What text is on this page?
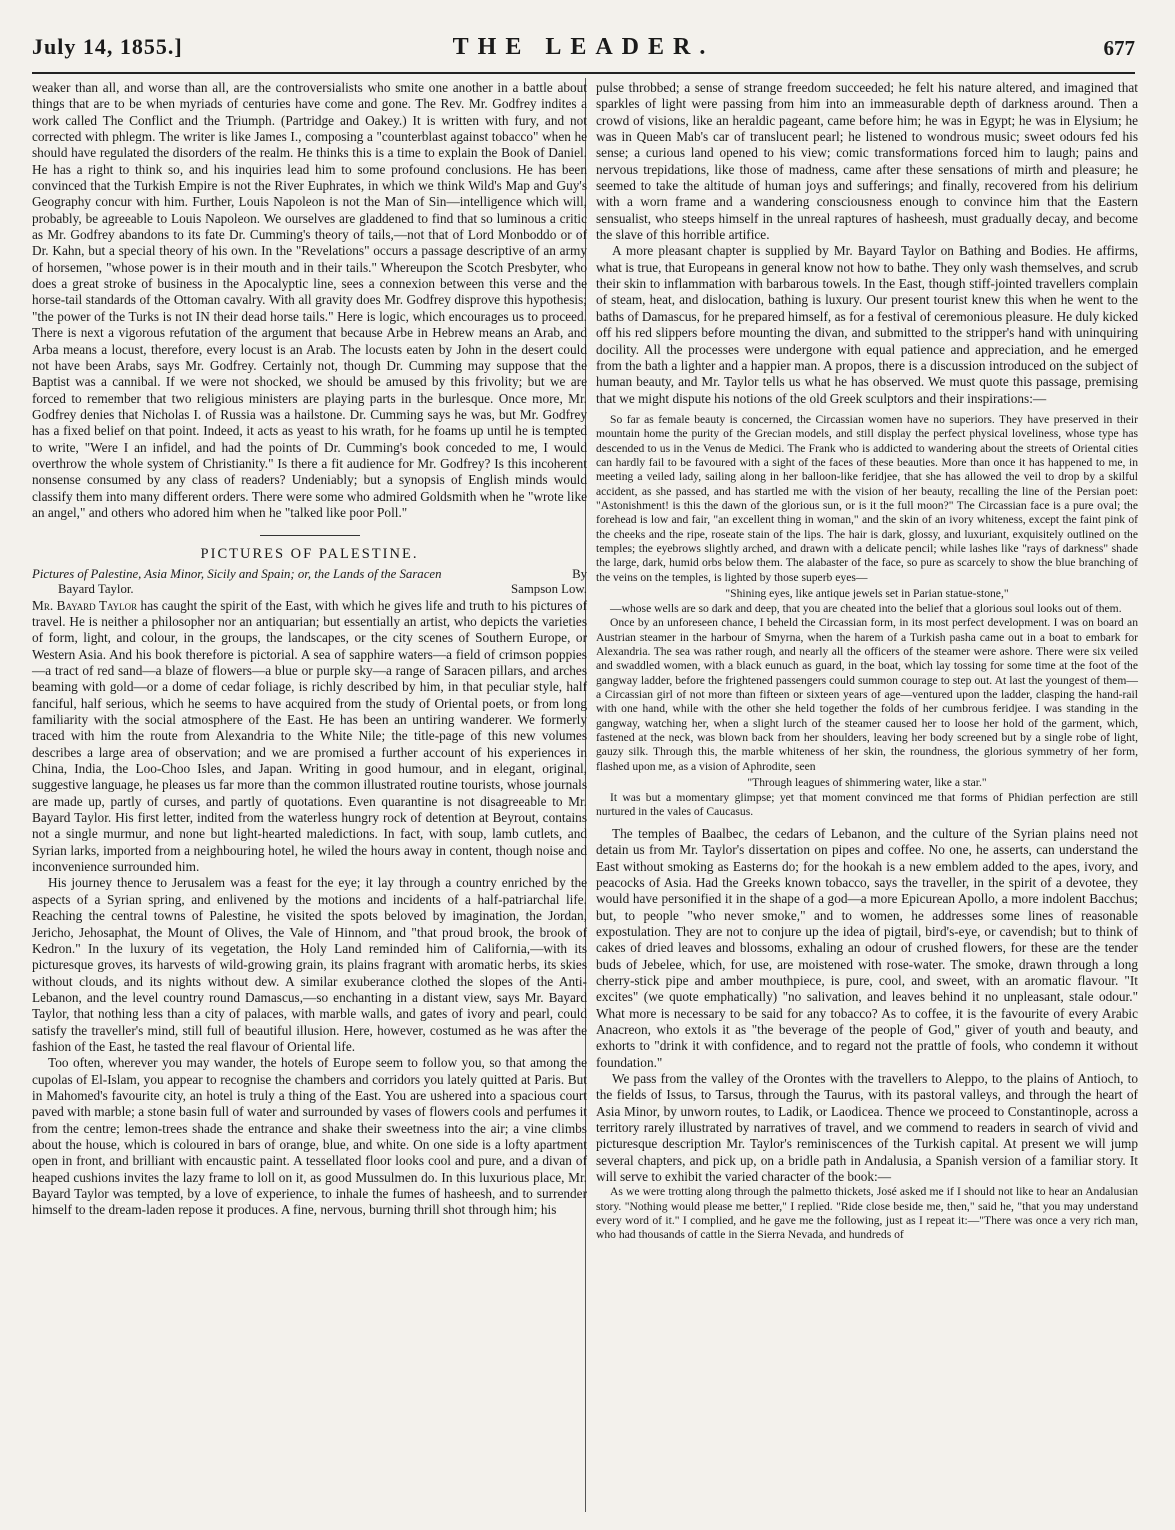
July 14, 1855.]	THE LEADER.	677

weaker than all, and worse than all, are the controversialists who smite one another in a battle about things that are to be when myriads of centuries have come and gone. The Rev. Mr. Godfrey indites a work called The Conflict and the Triumph. (Partridge and Oakey.) It is written with fury, and not corrected with phlegm. The writer is like James I., composing a "counterblast against tobacco" when he should have regulated the disorders of the realm. He thinks this is a time to explain the Book of Daniel. He has a right to think so, and his inquiries lead him to some profound conclusions. He has been convinced that the Turkish Empire is not the River Euphrates, in which we think Wild's Map and Guy's Geography concur with him. Further, Louis Napoleon is not the Man of Sin—intelligence which will, probably, be agreeable to Louis Napoleon. We ourselves are gladdened to find that so luminous a critic as Mr. Godfrey abandons to its fate Dr. Cumming's theory of tails,—not that of Lord Monboddo or of Dr. Kahn, but a special theory of his own. In the "Revelations" occurs a passage descriptive of an army of horsemen, "whose power is in their mouth and in their tails." Whereupon the Scotch Presbyter, who does a great stroke of business in the Apocalyptic line, sees a connexion between this verse and the horse-tail standards of the Ottoman cavalry. With all gravity does Mr. Godfrey disprove this hypothesis; "the power of the Turks is not IN their dead horse tails." Here is logic, which encourages us to proceed. There is next a vigorous refutation of the argument that because Arbe in Hebrew means an Arab, and Arba means a locust, therefore, every locust is an Arab. The locusts eaten by John in the desert could not have been Arabs, says Mr. Godfrey. Certainly not, though Dr. Cumming may suppose that the Baptist was a cannibal. If we were not shocked, we should be amused by this frivolity; but we are forced to remember that two religious ministers are playing parts in the burlesque. Once more, Mr. Godfrey denies that Nicholas I. of Russia was a hailstone. Dr. Cumming says he was, but Mr. Godfrey has a fixed belief on that point. Indeed, it acts as yeast to his wrath, for he foams up until he is tempted to write, "Were I an infidel, and had the points of Dr. Cumming's book conceded to me, I would overthrow the whole system of Christianity." Is there a fit audience for Mr. Godfrey? Is this incoherent nonsense consumed by any class of readers? Undeniably; but a synopsis of English minds would classify them into many different orders. There were some who admired Goldsmith when he "wrote like an angel," and others who adored him when he "talked like poor Poll."

PICTURES OF PALESTINE.
Pictures of Palestine, Asia Minor, Sicily and Spain; or, the Lands of the Saracen	By
Bayard Taylor.	Sampson Low.

Mr. Bayard Taylor has caught the spirit of the East, with which he gives life and truth to his pictures of travel. He is neither a philosopher nor an antiquarian; but essentially an artist, who depicts the varieties of form, light, and colour, in the groups, the landscapes, or the city scenes of Southern Europe, or Western Asia. And his book therefore is pictorial. A sea of sapphire waters—a field of crimson poppies—a tract of red sand—a blaze of flowers—a blue or purple sky—a range of Saracen pillars, and arches beaming with gold—or a dome of cedar foliage, is richly described by him, in that peculiar style, half fanciful, half serious, which he seems to have acquired from the study of Oriental poets, or from long familiarity with the social atmosphere of the East. He has been an untiring wanderer. We formerly traced with him the route from Alexandria to the White Nile; the title-page of this new volumes describes a large area of observation; and we are promised a further account of his experiences in China, India, the Loo-Choo Isles, and Japan. Writing in good humour, and in elegant, original, suggestive language, he pleases us far more than the common illustrated routine tourists, whose journals are made up, partly of curses, and partly of quotations. Even quarantine is not disagreeable to Mr. Bayard Taylor. His first letter, indited from the waterless hungry rock of detention at Beyrout, contains not a single murmur, and none but light-hearted maledictions. In fact, with soup, lamb cutlets, and Syrian larks, imported from a neighbouring hotel, he wiled the hours away in content, though noise and inconvenience surrounded him.

His journey thence to Jerusalem was a feast for the eye; it lay through a country enriched by the aspects of a Syrian spring, and enlivened by the motions and incidents of a half-patriarchal life. Reaching the central towns of Palestine, he visited the spots beloved by imagination, the Jordan, Jericho, Jehosaphat, the Mount of Olives, the Vale of Hinnom, and "that proud brook, the brook of Kedron." In the luxury of its vegetation, the Holy Land reminded him of California,—with its picturesque groves, its harvests of wild-growing grain, its plains fragrant with aromatic herbs, its skies without clouds, and its nights without dew. A similar exuberance clothed the slopes of the Anti-Lebanon, and the level country round Damascus,—so enchanting in a distant view, says Mr. Bayard Taylor, that nothing less than a city of palaces, with marble walls, and gates of ivory and pearl, could satisfy the traveller's mind, still full of beautiful illusion. Here, however, costumed as he was after the fashion of the East, he tasted the real flavour of Oriental life.

Too often, wherever you may wander, the hotels of Europe seem to follow you, so that among the cupolas of El-Islam, you appear to recognise the chambers and corridors you lately quitted at Paris. But in Mahomed's favourite city, an hotel is truly a thing of the East. You are ushered into a spacious court paved with marble; a stone basin full of water and surrounded by vases of flowers cools and perfumes it from the centre; lemon-trees shade the entrance and shake their sweetness into the air; a vine climbs about the house, which is coloured in bars of orange, blue, and white. On one side is a lofty apartment open in front, and brilliant with encaustic paint. A tessellated floor looks cool and pure, and a divan of heaped cushions invites the lazy frame to loll on it, as good Mussulmen do. In this luxurious place, Mr. Bayard Taylor was tempted, by a love of experience, to inhale the fumes of hasheesh, and to surrender himself to the dream-laden repose it produces. A fine, nervous, burning thrill shot through him; his

pulse throbbed; a sense of strange freedom succeeded; he felt his nature altered, and imagined that sparkles of light were passing from him into an immeasurable depth of darkness around. Then a crowd of visions, like an heraldic pageant, came before him; he was in Egypt; he was in Elysium; he was in Queen Mab's car of translucent pearl; he listened to wondrous music; sweet odours fed his sense; a curious land opened to his view; comic transformations forced him to laugh; pains and nervous trepidations, like those of madness, came after these sensations of mirth and pleasure; he seemed to take the altitude of human joys and sufferings; and finally, recovered from his delirium with a worn frame and a wandering consciousness enough to convince him that the Eastern sensualist, who steeps himself in the unreal raptures of hasheesh, must gradually decay, and become the slave of this horrible artifice.

A more pleasant chapter is supplied by Mr. Bayard Taylor on Bathing and Bodies. He affirms, what is true, that Europeans in general know not how to bathe. They only wash themselves, and scrub their skin to inflammation with barbarous towels. In the East, though stiff-jointed travellers complain of steam, heat, and dislocation, bathing is luxury. Our present tourist knew this when he went to the baths of Damascus, for he prepared himself, as for a festival of ceremonious pleasure. He duly kicked off his red slippers before mounting the divan, and submitted to the stripper's hand with uninquiring docility. All the processes were undergone with equal patience and appreciation, and he emerged from the bath a lighter and a happier man. A propos, there is a discussion introduced on the subject of human beauty, and Mr. Taylor tells us what he has observed. We must quote this passage, premising that we might dispute his notions of the old Greek sculptors and their inspirations:—

So far as female beauty is concerned, the Circassian women have no superiors. They have preserved in their mountain home the purity of the Grecian models, and still display the perfect physical loveliness, whose type has descended to us in the Venus de Medici. The Frank who is addicted to wandering about the streets of Oriental cities can hardly fail to be favoured with a sight of the faces of these beauties. More than once it has happened to me, in meeting a veiled lady, sailing along in her balloon-like feridjee, that she has allowed the veil to drop by a skilful accident, as she passed, and has startled me with the vision of her beauty, recalling the line of the Persian poet: "Astonishment! is this the dawn of the glorious sun, or is it the full moon?" The Circassian face is a pure oval; the forehead is low and fair, "an excellent thing in woman," and the skin of an ivory whiteness, except the faint pink of the cheeks and the ripe, roseate stain of the lips. The hair is dark, glossy, and luxuriant, exquisitely outlined on the temples; the eyebrows slightly arched, and drawn with a delicate pencil; while lashes like "rays of darkness" shade the large, dark, humid orbs below them. The alabaster of the face, so pure as scarcely to show the blue branching of the veins on the temples, is lighted by those superb eyes—

"Shining eyes, like antique jewels set in Parian statue-stone,"

—whose wells are so dark and deep, that you are cheated into the belief that a glorious soul looks out of them.

Once by an unforeseen chance, I beheld the Circassian form, in its most perfect development. I was on board an Austrian steamer in the harbour of Smyrna, when the harem of a Turkish pasha came out in a boat to embark for Alexandria. The sea was rather rough, and nearly all the officers of the steamer were ashore. There were six veiled and swaddled women, with a black eunuch as guard, in the boat, which lay tossing for some time at the foot of the gangway ladder, before the frightened passengers could summon courage to step out. At last the youngest of them—a Circassian girl of not more than fifteen or sixteen years of age—ventured upon the ladder, clasping the hand-rail with one hand, while with the other she held together the folds of her cumbrous feridjee. I was standing in the gangway, watching her, when a slight lurch of the steamer caused her to loose her hold of the garment, which, fastened at the neck, was blown back from her shoulders, leaving her body screened but by a single robe of light, gauzy silk. Through this, the marble whiteness of her skin, the roundness, the glorious symmetry of her form, flashed upon me, as a vision of Aphrodite, seen

"Through leagues of shimmering water, like a star."

It was but a momentary glimpse; yet that moment convinced me that forms of Phidian perfection are still nurtured in the vales of Caucasus.

The temples of Baalbec, the cedars of Lebanon, and the culture of the Syrian plains need not detain us from Mr. Taylor's dissertation on pipes and coffee. No one, he asserts, can understand the East without smoking as Easterns do; for the hookah is a new emblem added to the apes, ivory, and peacocks of Asia. Had the Greeks known tobacco, says the traveller, in the spirit of a devotee, they would have personified it in the shape of a god—a more Epicurean Apollo, a more indolent Bacchus; but, to people "who never smoke," and to women, he addresses some lines of reasonable expostulation. They are not to conjure up the idea of pigtail, bird's-eye, or cavendish; but to think of cakes of dried leaves and blossoms, exhaling an odour of crushed flowers, for these are the tender buds of Jebelee, which, for use, are moistened with rose-water. The smoke, drawn through a long cherry-stick pipe and amber mouthpiece, is pure, cool, and sweet, with an aromatic flavour. "It excites" (we quote emphatically) "no salivation, and leaves behind it no unpleasant, stale odour." What more is necessary to be said for any tobacco? As to coffee, it is the favourite of every Arabic Anacreon, who extols it as "the beverage of the people of God," giver of youth and beauty, and exhorts to "drink it with confidence, and to regard not the prattle of fools, who condemn it without foundation."

We pass from the valley of the Orontes with the travellers to Aleppo, to the plains of Antioch, to the fields of Issus, to Tarsus, through the Taurus, with its pastoral valleys, and through the heart of Asia Minor, by unworn routes, to Ladik, or Laodicea. Thence we proceed to Constantinople, across a territory rarely illustrated by narratives of travel, and we commend to readers in search of vivid and picturesque description Mr. Taylor's reminiscences of the Turkish capital. At present we will jump several chapters, and pick up, on a bridle path in Andalusia, a Spanish version of a familiar story. It will serve to exhibit the varied character of the book:—

As we were trotting along through the palmetto thickets, José asked me if I should not like to hear an Andalusian story. "Nothing would please me better," I replied. "Ride close beside me, then," said he, "that you may understand every word of it." I complied, and he gave me the following, just as I repeat it:—"There was once a very rich man, who had thousands of cattle in the Sierra Nevada, and hundreds of
